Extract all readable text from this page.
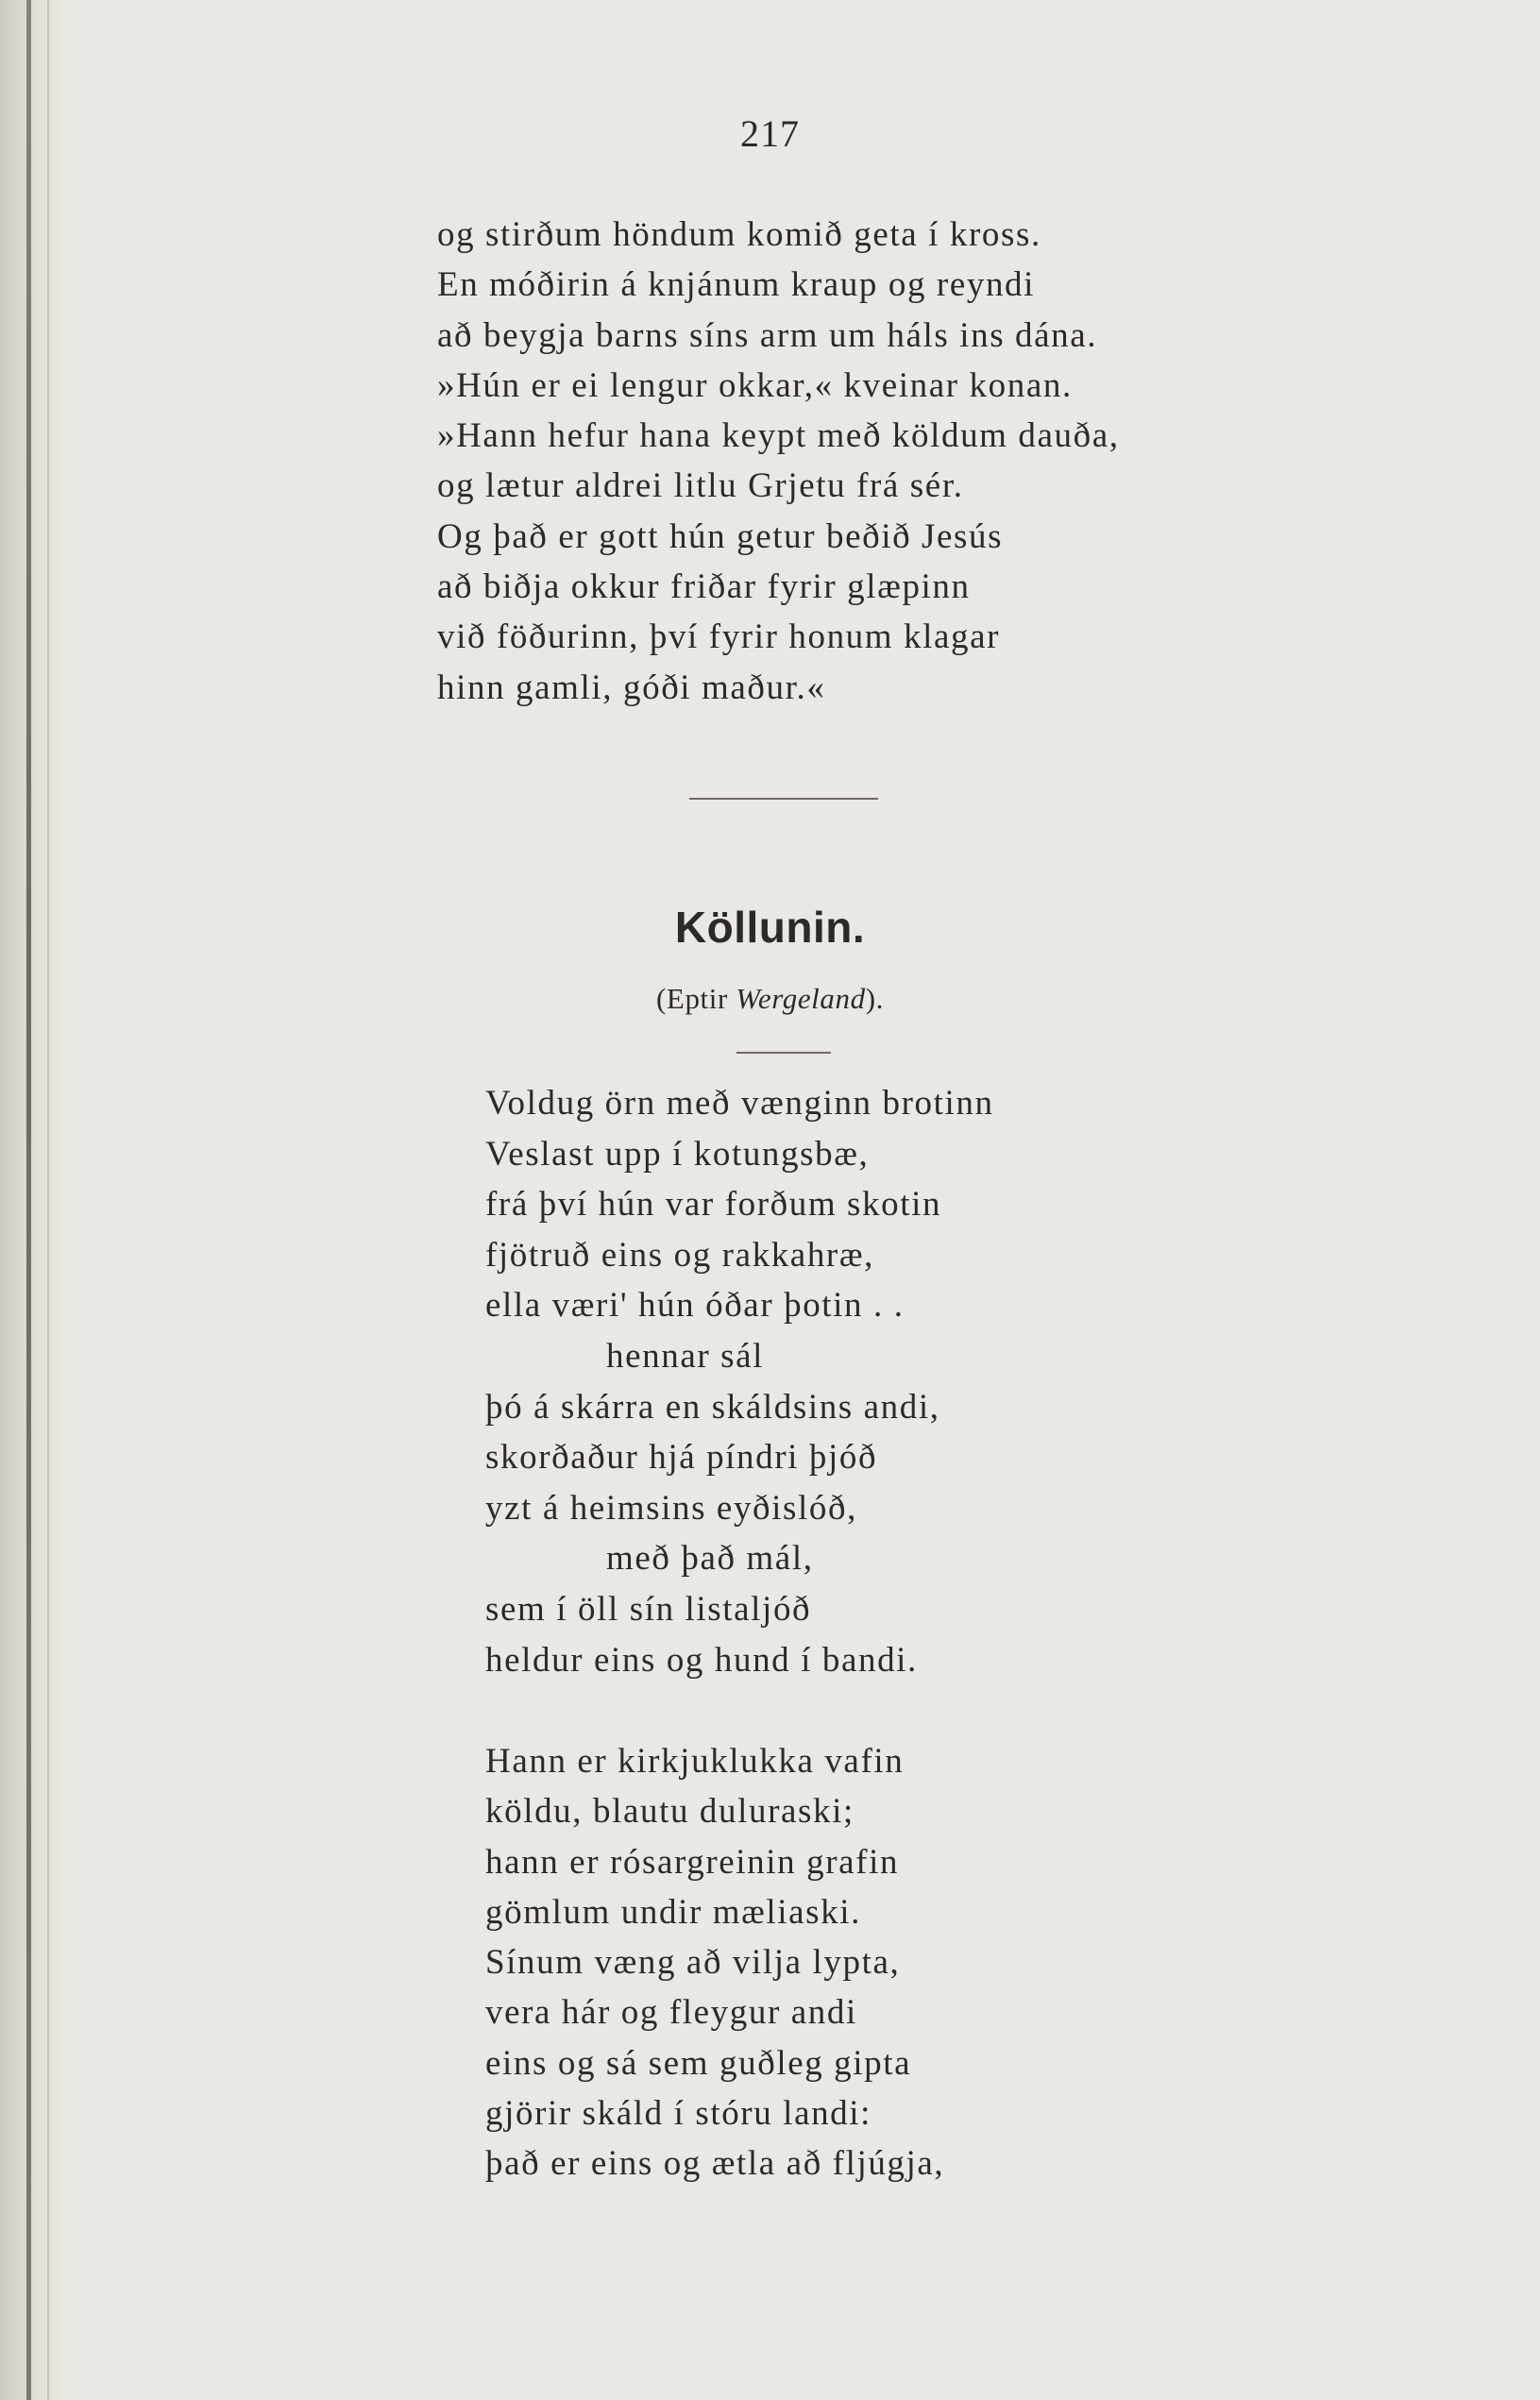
217
og stirðum höndum komið geta í kross.
En móðirin á knjánum kraup og reyndi
að beygja barns síns arm um háls ins dána.
»Hún er ei lengur okkar,« kveinar konan.
»Hann hefur hana keypt með köldum dauða,
og lætur aldrei litlu Grjetu frá sér.
Og það er gott hún getur beðið Jesús
að biðja okkur friðar fyrir glæpinn
við föðurinn, því fyrir honum klagar
hinn gamli, góði maður.«
Köllunin.
(Eptir Wergeland).
Voldug örn með vænginn brotinn
Veslast upp í kotungsbæ,
frá því hún var forðum skotin
fjötruð eins og rakkahræ,
ella væri' hún óðar þotin . .
hennar sál
þó á skárra en skáldsins andi,
skorðaður hjá píndri þjóð
yzt á heimsins eyðislóð,
með það mál,
sem í öll sín listaljóð
heldur eins og hund í bandi.
Hann er kirkjuklukka vafin
köldu, blautu duluraski;
hann er rósargreinin grafin
gömlum undir mæliaski.
Sínum væng að vilja lypta,
vera hár og fleygur andi
eins og sá sem guðleg gipta
gjörir skáld í stóru landi:
það er eins og ætla að fljúgja,
